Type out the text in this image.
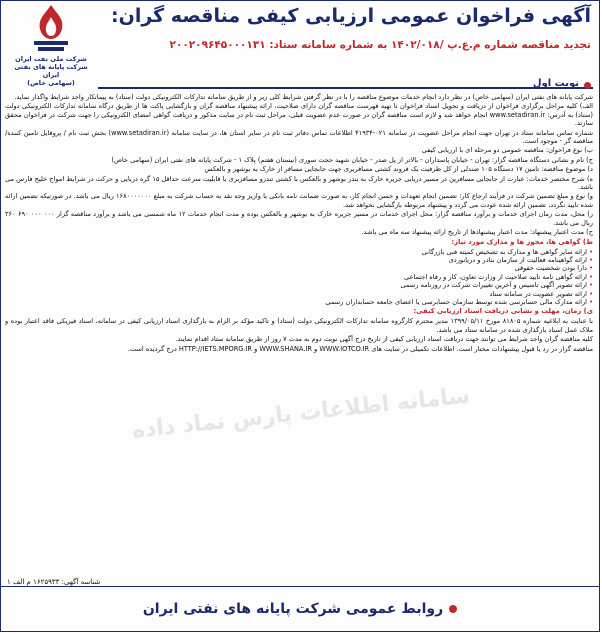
شرکت ملی نفت ایران
شرکت پایانه های نفتی ایران
(سهامی خاص)
آگهی فراخوان عمومی ارزیابی کیفی مناقصه گران:
تجدید مناقصه شماره م.ع.پ /۱۴۰۲/۰۱۸ به شماره سامانه ستاد: ۲۰۰۲۰۹۶۴۵۰۰۰۱۳۱
نوبت اول

شرکت پایانه های نفتی ایران (سهامی خاص) در نظر دارد انجام خدمات موضوع مناقصه را با در نظر گرفتن شرایط کلی زیر و از طریق سامانه تدارکات الکترونیکی دولت (ستاد) به پیمانکار واجد شرایط واگذار نماید.

الف) کلیه مراحل برگزاری فراخوان از دریافت و تحویل اسناد فراخوان تا تهیه فهرست مناقصه گران دارای صلاحیت، ارائه پیشنهاد مناقصه گران و بازگشایی پاکت ها از طریق درگاه سامانه تدارکات الکترونیکی دولت (ستاد) به آدرس: www.setadiran.ir انجام خواهد شد و لازم است مناقصه گران در صورت عدم عضویت قبلی، مراحل ثبت نام در سایت مذکور و دریافت گواهی امضای الکترونیکی را جهت شرکت در فراخوان محقق سازند.

شماره تماس سامانه ستاد در تهران جهت انجام مراحل عضویت در سامانه ۰۲۱-۴۱۹۳۴ اطلاعات تماس دفاتر ثبت نام در سایر استان ها، در سایت سامانه (www.setadiran.ir) بخش ثبت نام / پروفایل تامین کننده/ مناقصه گر - موجود است.

ب) نوع فراخوان: مناقصه عمومی دو مرحله ای با ارزیابی کیفی

ج) نام و نشانی دستگاه مناقصه گزار: تهران - خیابان پاسداران - بالاتر از پل صدر - خیابان شهید حجت سوری (نیستان هفتم) پلاک ۱ - شرکت پایانه های نفتی ایران (سهامی خاص)

د) موضوع مناقصه: تامین ۱۷ دستگاه ۱۰۵ صندلی از کل ظرفیت یک فروند کشتی مسافربری جهت جابجایی مسافر از خارک به بوشهر و بالعکس

ه) شرح مختصر خدمات: عبارت از جابجایی مسافرین در مسیر دریایی جزیره خارک به بندر بوشهر و بالعکس با کشتی تندرو مسافربری با قابلیت سرعت حداقل ۱۵ گره دریایی و حرکت در شرایط امواج خلیج فارس می باشد.

و) نوع و مبلغ تضمین شرکت در فرآیند ارجاع کار: تضمین انجام تعهدات و حسن انجام کار، به صورت ضمانت نامه بانکی یا واریز وجه نقد به حساب شرکت به مبلغ ۱۶۸۰۰۰۰۰۰۰ ریال می باشد. در صورتیکه تضمین ارائه شده تایید نگردد، تضمین ارائه شده عودت می گردد و پیشنهاد مربوطه بازگشایی نخواهد شد.

ز) محل، مدت زمان اجرای خدمات و برآورد مناقصه گزار: محل اجرای خدمات در مسیر جزیره خارک به بوشهر و بالعکس بوده و مدت انجام خدمات ۱۲ ماه شمسی می باشد و برآورد مناقصه گزار ۰۰۰ ۰۰۰ ۶۹۰ ۳۶۰ ریال می باشد.

ح) مدت اعتبار پیشنهاد: مدت اعتبار پیشنهادها از تاریخ ارائه پیشنهاد سه ماه می باشد.

ط) گواهی ها، مجوز ها و مدارک مورد نیاز:
• ارائه سایر گواهی ها و مدارک به تشخیص کمیته فنی بازرگانی
• ارائه گواهینامه فعالیت از سازمان بنادر و دریانوردی
• دارا بودن شخصیت حقوقی
• ارائه گواهی نامه تایید صلاحیت از وزارت تعاون، کار و رفاه اجتماعی
• ارائه تصویر آگهی تاسیس و آخرین تغییرات شرکت در روزنامه رسمی
• ارائه تصویر عضویت در سامانه ستاد
• ارائه مدارک مالی حسابرسی شده توسط سازمان حسابرسی یا اعضای جامعه حسابداران رسمی
ی) زمان، مهلت و نشانی دریافت اسناد ارزیابی کیفی:

با عنایت به ابلاغیه شماره ۸۱۸۰۵ مورخ ۱۳۹۹/۰۵/۱۱ مدیر محترم کارگروه سامانه تدارکات الکترونیکی دولت (ستاد) و تاکید مؤکد بر الزام به بارگذاری اسناد ارزیابی کیفی در سامانه، اسناد فیزیکی فاقد اعتبار بوده و ملاک عمل اسناد بارگذاری شده در سامانه ستاد می باشد.

کلیه مناقصه گران واجد شرایط می توانند جهت دریافت اسناد ارزیابی کیفی از تاریخ درج آگهی نوبت دوم به مدت ۷ روز از طریق سامانه ستاد اقدام نمایند.

مناقصه گزار در رد یا قبول پیشنهادات مختار است. اطلاعات تکمیلی در سایت های WWW.IOTCO.IR و WWW.SHANA.IR و HTTP://IETS.MPORG.IR درج گردیده است.

سامانه اطلاعات پارس نماد داده
شناسه آگهی: ۱۶۲۵۹۳۳ م الف ۱
روابط عمومی شرکت پایانه های نفتی ایران
